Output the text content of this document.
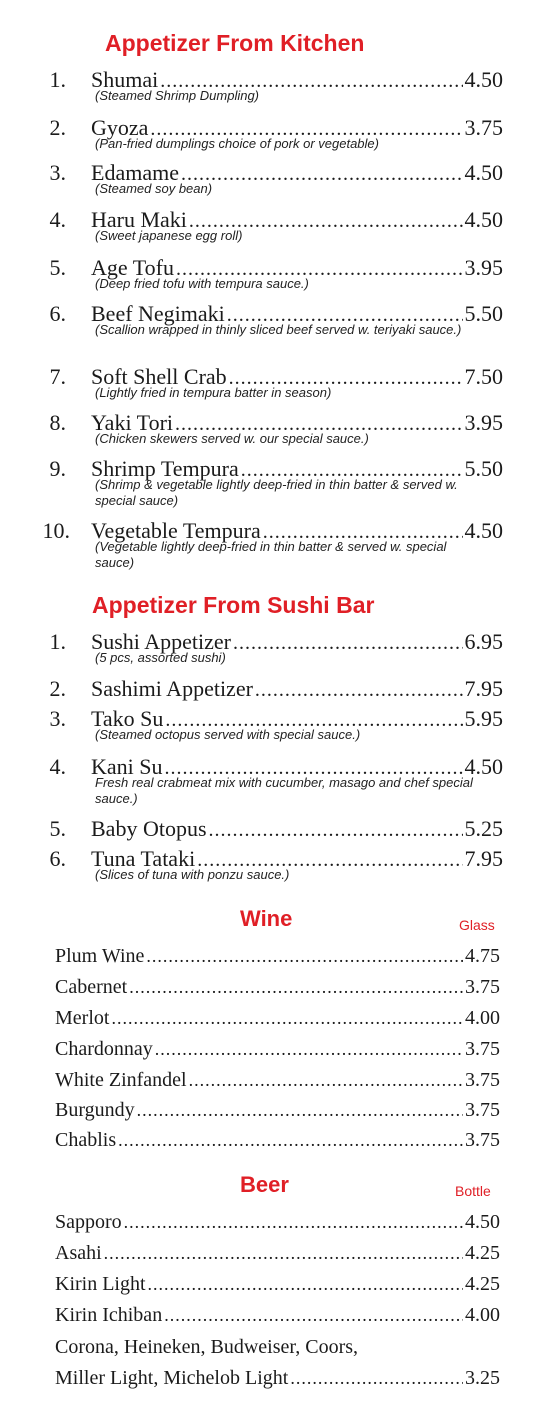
Appetizer From Kitchen
1. Shumai .....	4.50
(Steamed Shrimp Dumpling)
2. Gyoza .....	3.75
(Pan-fried dumplings choice of pork or vegetable)
3. Edamame .....	4.50
(Steamed soy bean)
4. Haru Maki .....	4.50
(Sweet japanese egg roll)
5. Age Tofu .....	3.95
(Deep fried tofu with tempura sauce.)
6. Beef Negimaki .....	5.50
(Scallion wrapped in thinly sliced beef served w. teriyaki sauce.)
7. Soft Shell Crab .....	7.50
(Lightly fried in tempura batter in season)
8. Yaki Tori .....	3.95
(Chicken skewers served w. our special sauce.)
9. Shrimp Tempura .....	5.50
(Shrimp & vegetable lightly deep-fried in thin batter & served w. special sauce)
10. Vegetable Tempura .....	4.50
(Vegetable lightly deep-fried in thin batter & served w. special sauce)
Appetizer From Sushi Bar
1. Sushi Appetizer .....	6.95
(5 pcs, assorted sushi)
2. Sashimi Appetizer .....	7.95
3. Tako Su .....	5.95
(Steamed octopus served with special sauce.)
4. Kani Su .....	4.50
Fresh real crabmeat mix with cucumber, masago and chef special sauce.)
5. Baby Otopus .....	5.25
6. Tuna Tataki .....	7.95
(Slices of tuna with ponzu sauce.)
Wine	Glass
Plum Wine .....	4.75
Cabernet .....	3.75
Merlot .....	4.00
Chardonnay .....	3.75
White Zinfandel .....	3.75
Burgundy .....	3.75
Chablis .....	3.75
Beer	Bottle
Sapporo .....	4.50
Asahi .....	4.25
Kirin Light .....	4.25
Kirin Ichiban .....	4.00
Corona, Heineken, Budweiser, Coors,
Miller Light, Michelob Light .....	3.25
